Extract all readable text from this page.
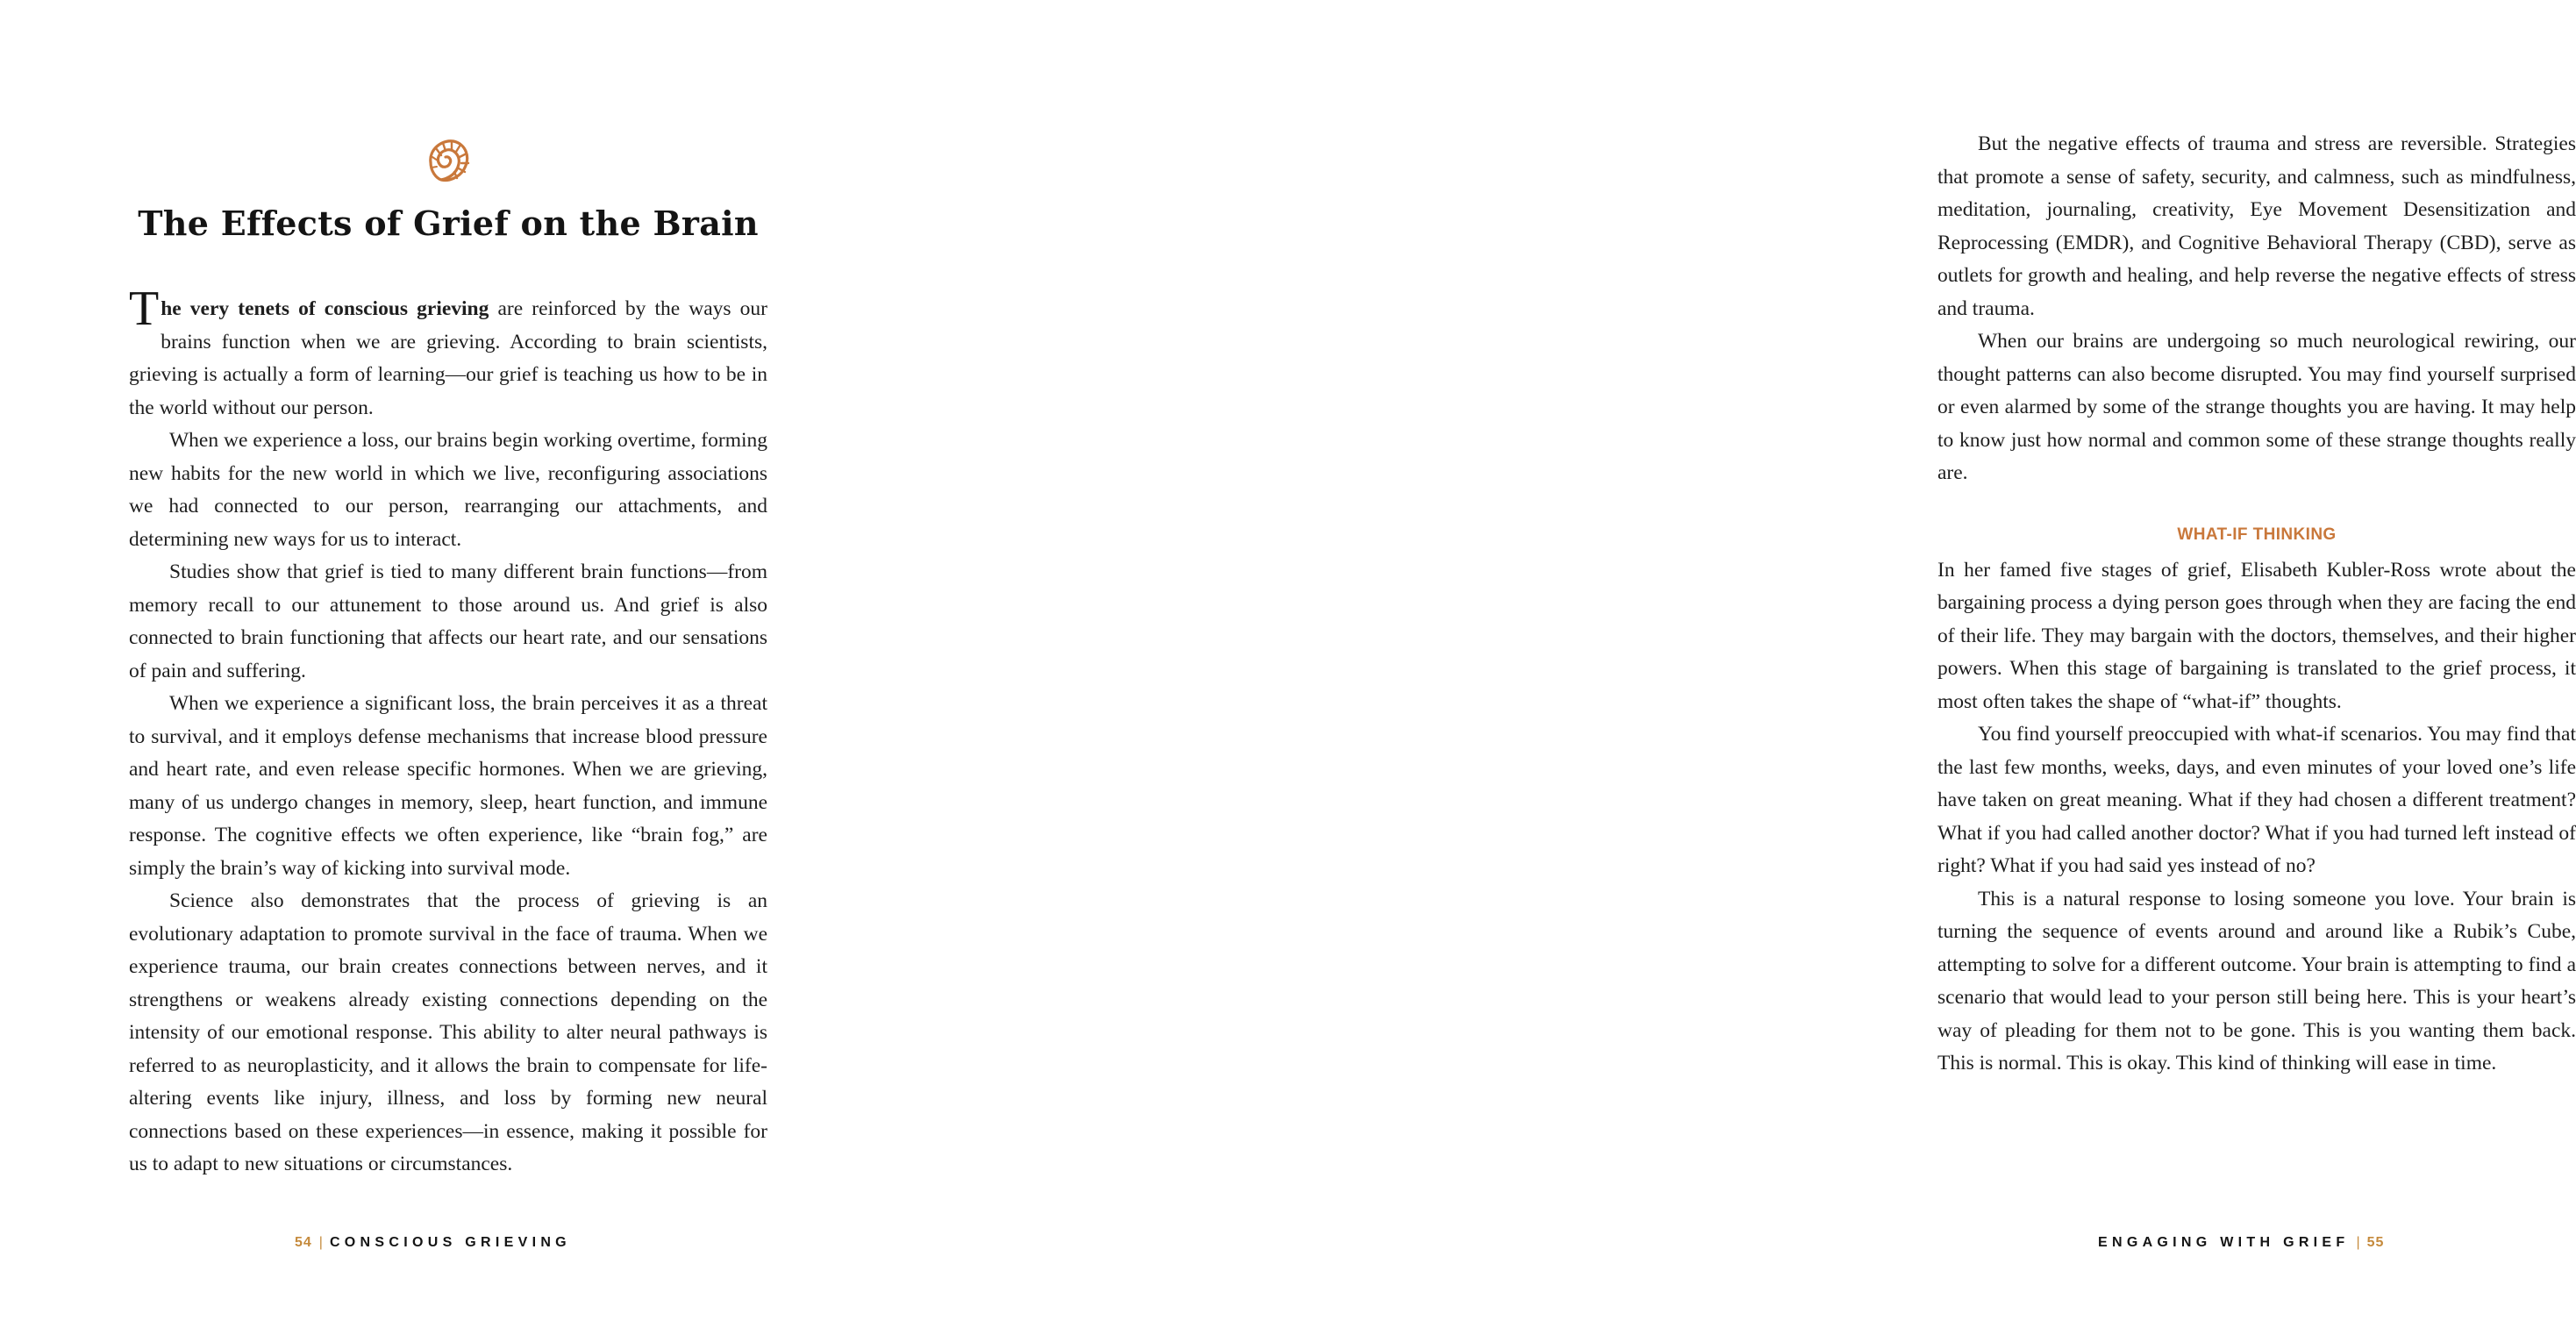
The Effects of Grief on the Brain

The very tenets of conscious grieving are reinforced by the ways our brains function when we are grieving. According to brain scientists, grieving is actually a form of learning—our grief is teaching us how to be in the world without our person.

When we experience a loss, our brains begin working overtime, forming new habits for the new world in which we live, reconfiguring associations we had connected to our person, rearranging our attachments, and determining new ways for us to interact.

Studies show that grief is tied to many different brain functions—from memory recall to our attunement to those around us. And grief is also connected to brain functioning that affects our heart rate, and our sensations of pain and suffering.

When we experience a significant loss, the brain perceives it as a threat to survival, and it employs defense mechanisms that increase blood pressure and heart rate, and even release specific hormones. When we are grieving, many of us undergo changes in memory, sleep, heart function, and immune response. The cognitive effects we often experience, like “brain fog,” are simply the brain’s way of kicking into survival mode.

Science also demonstrates that the process of grieving is an evolutionary adaptation to promote survival in the face of trauma. When we experience trauma, our brain creates connections between nerves, and it strengthens or weakens already existing connections depending on the intensity of our emotional response. This ability to alter neural pathways is referred to as neuroplasticity, and it allows the brain to compensate for life-altering events like injury, illness, and loss by forming new neural connections based on these experiences—in essence, making it possible for us to adapt to new situations or circumstances.

54 | CONSCIOUS GRIEVING

But the negative effects of trauma and stress are reversible. Strategies that promote a sense of safety, security, and calmness, such as mindfulness, meditation, journaling, creativity, Eye Movement Desensitization and Reprocessing (EMDR), and Cognitive Behavioral Therapy (CBD), serve as outlets for growth and healing, and help reverse the negative effects of stress and trauma.

When our brains are undergoing so much neurological rewiring, our thought patterns can also become disrupted. You may find yourself surprised or even alarmed by some of the strange thoughts you are having. It may help to know just how normal and common some of these strange thoughts really are.

WHAT-IF THINKING

In her famed five stages of grief, Elisabeth Kubler-Ross wrote about the bargaining process a dying person goes through when they are facing the end of their life. They may bargain with the doctors, themselves, and their higher powers. When this stage of bargaining is translated to the grief process, it most often takes the shape of “what-if” thoughts.

You find yourself preoccupied with what-if scenarios. You may find that the last few months, weeks, days, and even minutes of your loved one’s life have taken on great meaning. What if they had chosen a different treatment? What if you had called another doctor? What if you had turned left instead of right? What if you had said yes instead of no?

This is a natural response to losing someone you love. Your brain is turning the sequence of events around and around like a Rubik’s Cube, attempting to solve for a different outcome. Your brain is attempting to find a scenario that would lead to your person still being here. This is your heart’s way of pleading for them not to be gone. This is you wanting them back. This is normal. This is okay. This kind of thinking will ease in time.

ENGAGING WITH GRIEF | 55
